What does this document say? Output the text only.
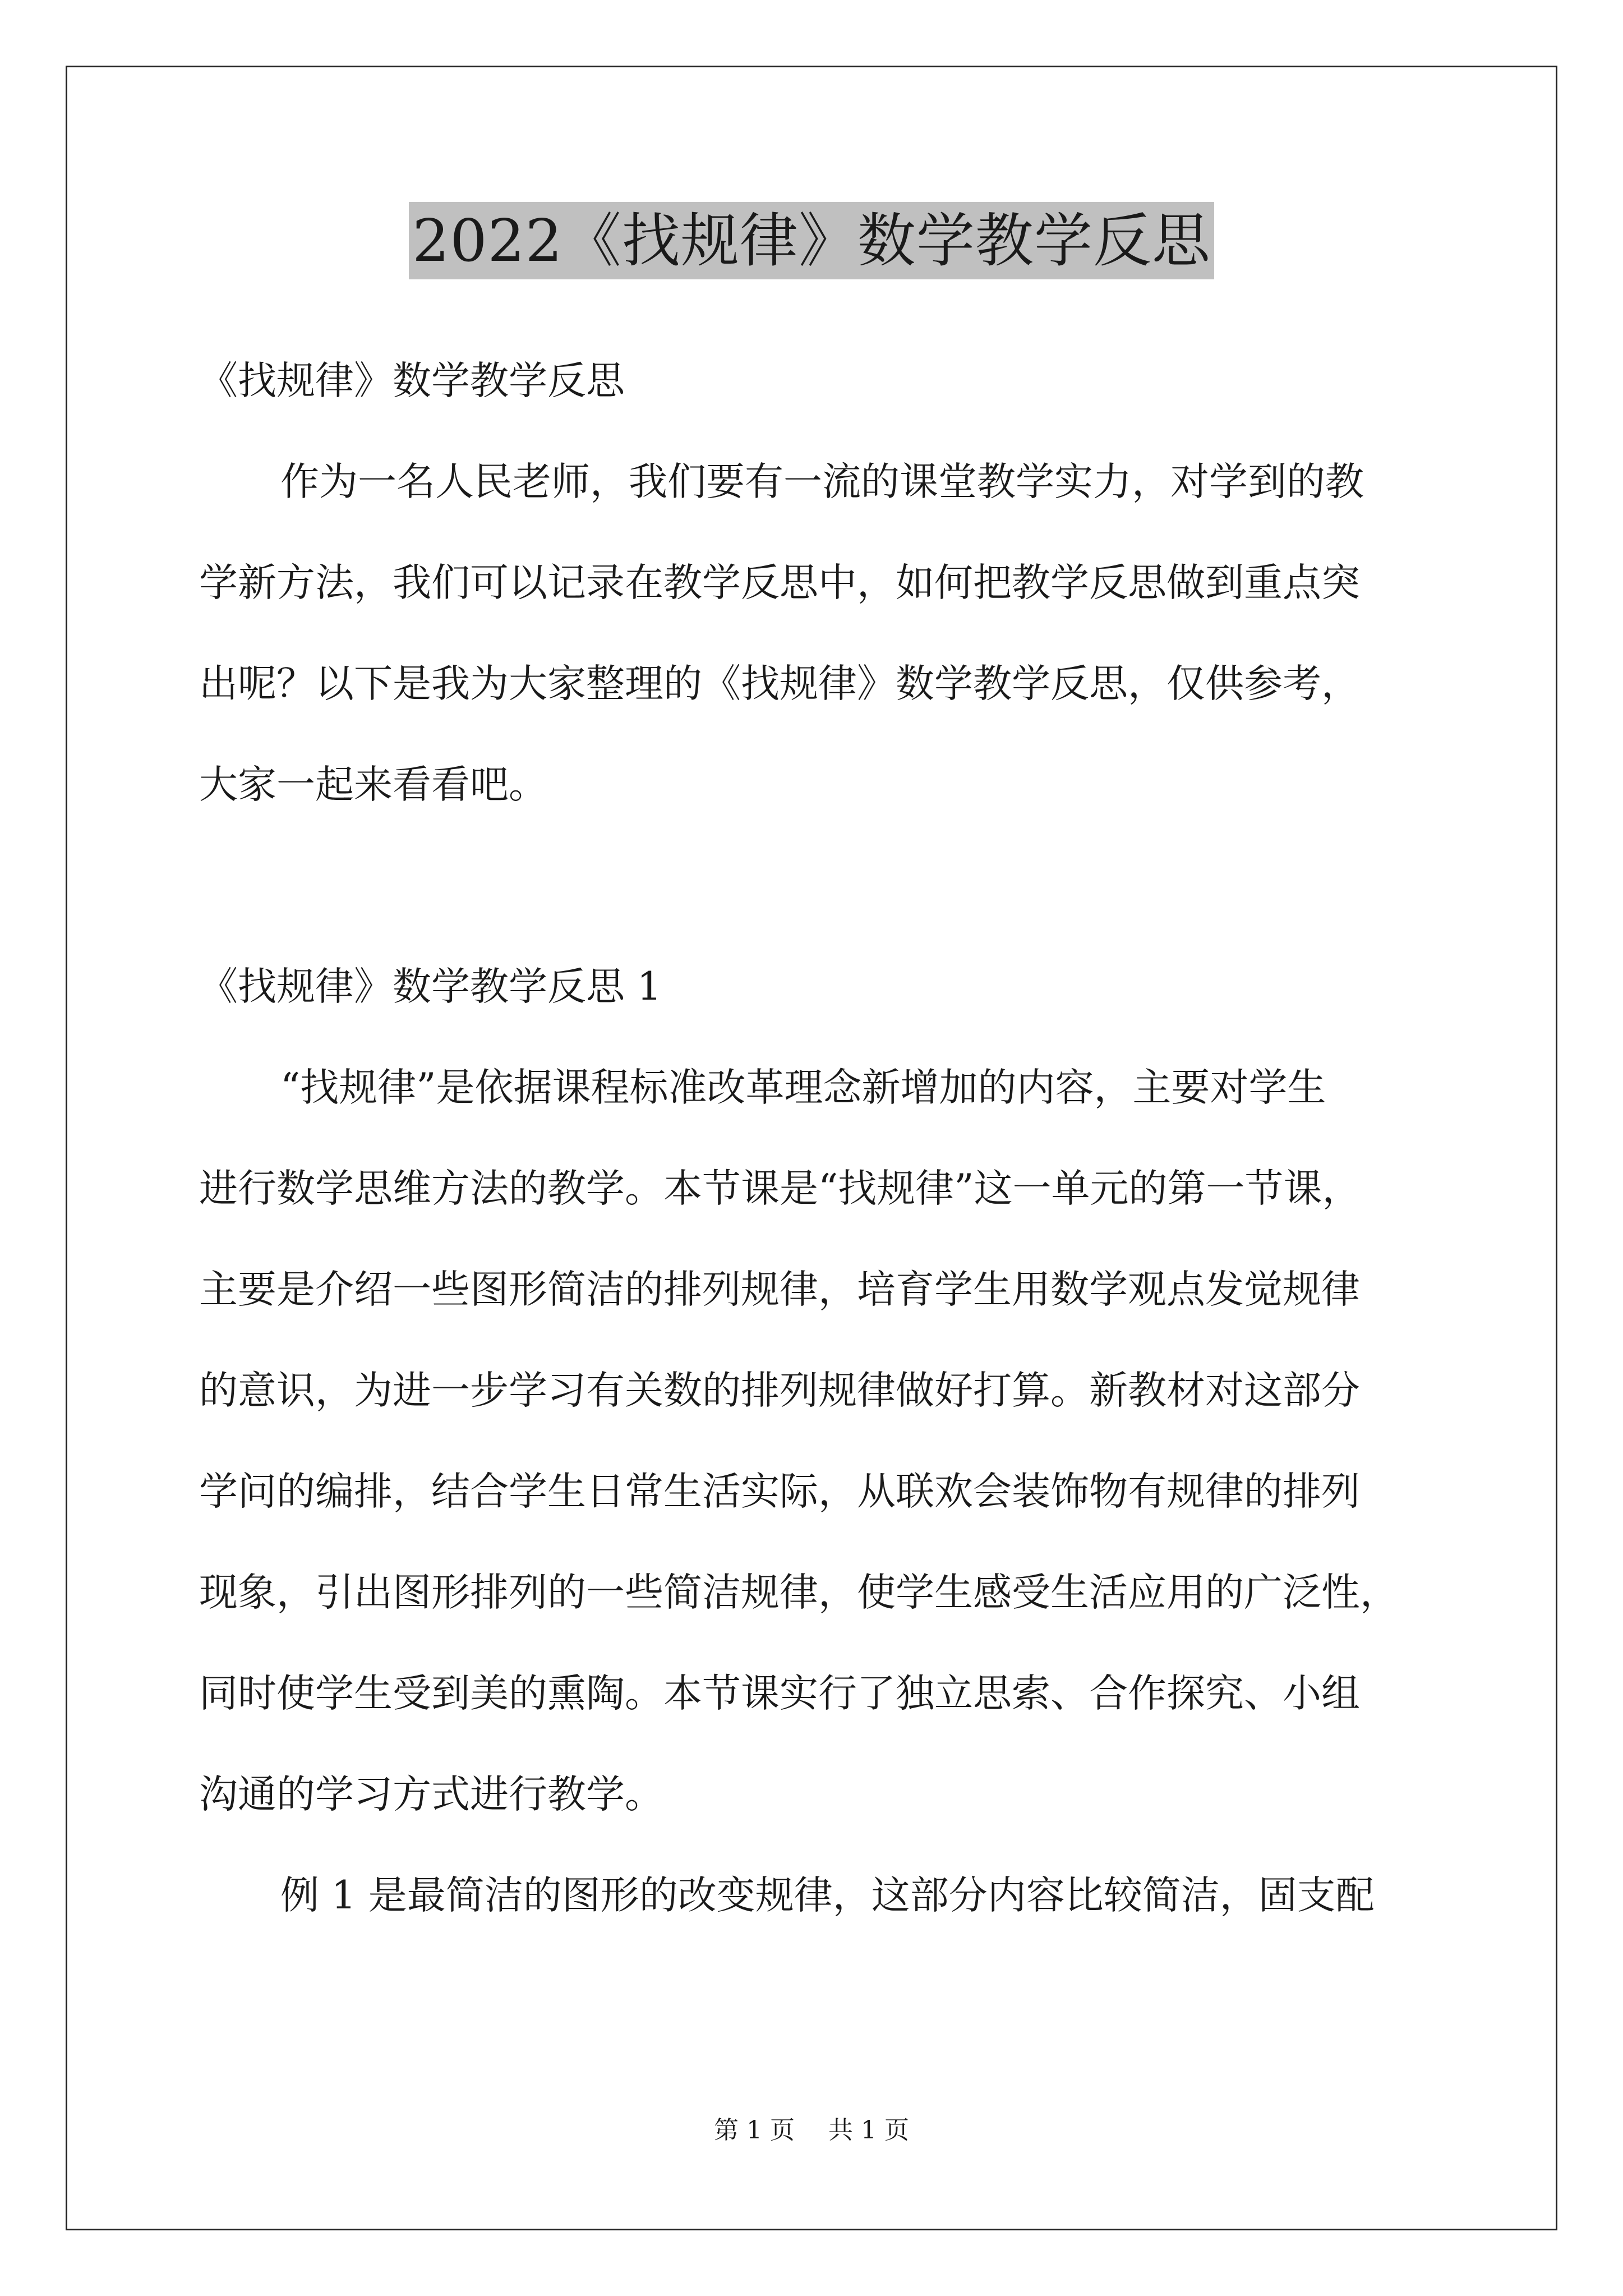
2022《找规律》数学教学反思
《找规律》数学教学反思
作为一名人民老师，我们要有一流的课堂教学实力，对学到的教
学新方法，我们可以记录在教学反思中，如何把教学反思做到重点突
出呢？以下是我为大家整理的《找规律》数学教学反思，仅供参考，
大家一起来看看吧。
《找规律》数学教学反思 1
“找规律”是依据课程标准改革理念新增加的内容，主要对学生
进行数学思维方法的教学。本节课是“找规律”这一单元的第一节课，
主要是介绍一些图形简洁的排列规律，培育学生用数学观点发觉规律
的意识，为进一步学习有关数的排列规律做好打算。新教材对这部分
学问的编排，结合学生日常生活实际，从联欢会装饰物有规律的排列
现象，引出图形排列的一些简洁规律，使学生感受生活应用的广泛性，
同时使学生受到美的熏陶。本节课实行了独立思索、合作探究、小组
沟通的学习方式进行教学。
例 1 是最简洁的图形的改变规律，这部分内容比较简洁，固支配
第 1 页 共 1 页
